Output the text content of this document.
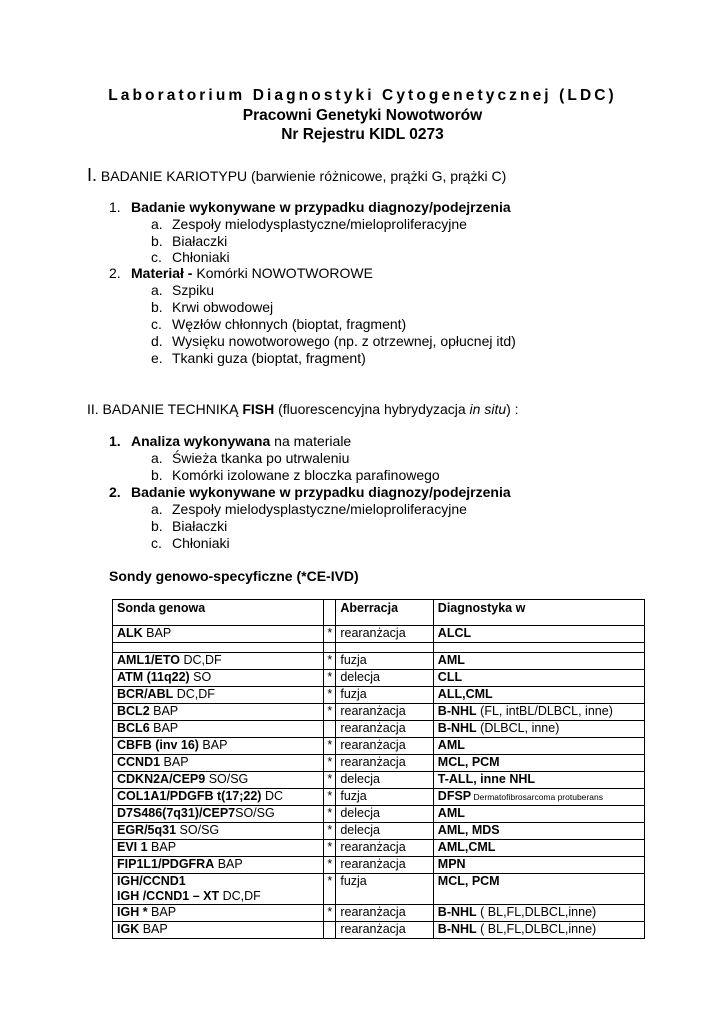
Laboratorium Diagnostyki Cytogenetycznej (LDC)
Pracowni Genetyki Nowotworów
Nr Rejestru KIDL 0273
I. BADANIE KARIOTYPU (barwienie różnicowe, prążki G, prążki C)
1. Badanie wykonywane w przypadku diagnozy/podejrzenia
a. Zespoły mielodysplastyczne/mieloproliferacyjne
b. Białaczki
c. Chłoniaki
2. Materiał - Komórki NOWOTWOROWE
a. Szpiku
b. Krwi obwodowej
c. Węzłów chłonnych (bioptat, fragment)
d. Wysięku nowotworowego (np. z otrzewnej, opłucnej itd)
e. Tkanki guza (bioptat, fragment)
II. BADANIE TECHNIKĄ FISH (fluorescencyjna hybrydyzacja in situ) :
1. Analiza wykonywana na materiale
a. Świeża tkanka po utrwaleniu
b. Komórki izolowane z bloczka parafinowego
2. Badanie wykonywane w przypadku diagnozy/podejrzenia
a. Zespoły mielodysplastyczne/mieloproliferacyjne
b. Białaczki
c. Chłoniaki
Sondy genowo-specyficzne (*CE-IVD)
Sonda genowa		Aberracja	Diagnostyka w
ALK BAP	*	rearanżacja	ALCL

AML1/ETO DC,DF	*	fuzja	AML
ATM (11q22) SO	*	delecja	CLL
BCR/ABL DC,DF	*	fuzja	ALL,CML
BCL2 BAP	*	rearanżacja	B-NHL (FL, intBL/DLBCL, inne)
BCL6 BAP		rearanżacja	B-NHL (DLBCL, inne)
CBFB (inv 16) BAP	*	rearanżacja	AML
CCND1 BAP	*	rearanżacja	MCL, PCM
CDKN2A/CEP9 SO/SG	*	delecja	T-ALL, inne NHL
COL1A1/PDGFB t(17;22) DC	*	fuzja	DFSP Dermatofibrosarcoma protuberans
D7S486(7q31)/CEP7SO/SG	*	delecja	AML
EGR/5q31 SO/SG	*	delecja	AML, MDS
EVI 1 BAP	*	rearanżacja	AML,CML
FIP1L1/PDGFRA BAP	*	rearanżacja	MPN
IGH/CCND1
IGH /CCND1 – XT DC,DF	*	fuzja	MCL, PCM
IGH * BAP	*	rearanżacja	B-NHL ( BL,FL,DLBCL,inne)
IGK BAP		rearanżacja	B-NHL ( BL,FL,DLBCL,inne)
